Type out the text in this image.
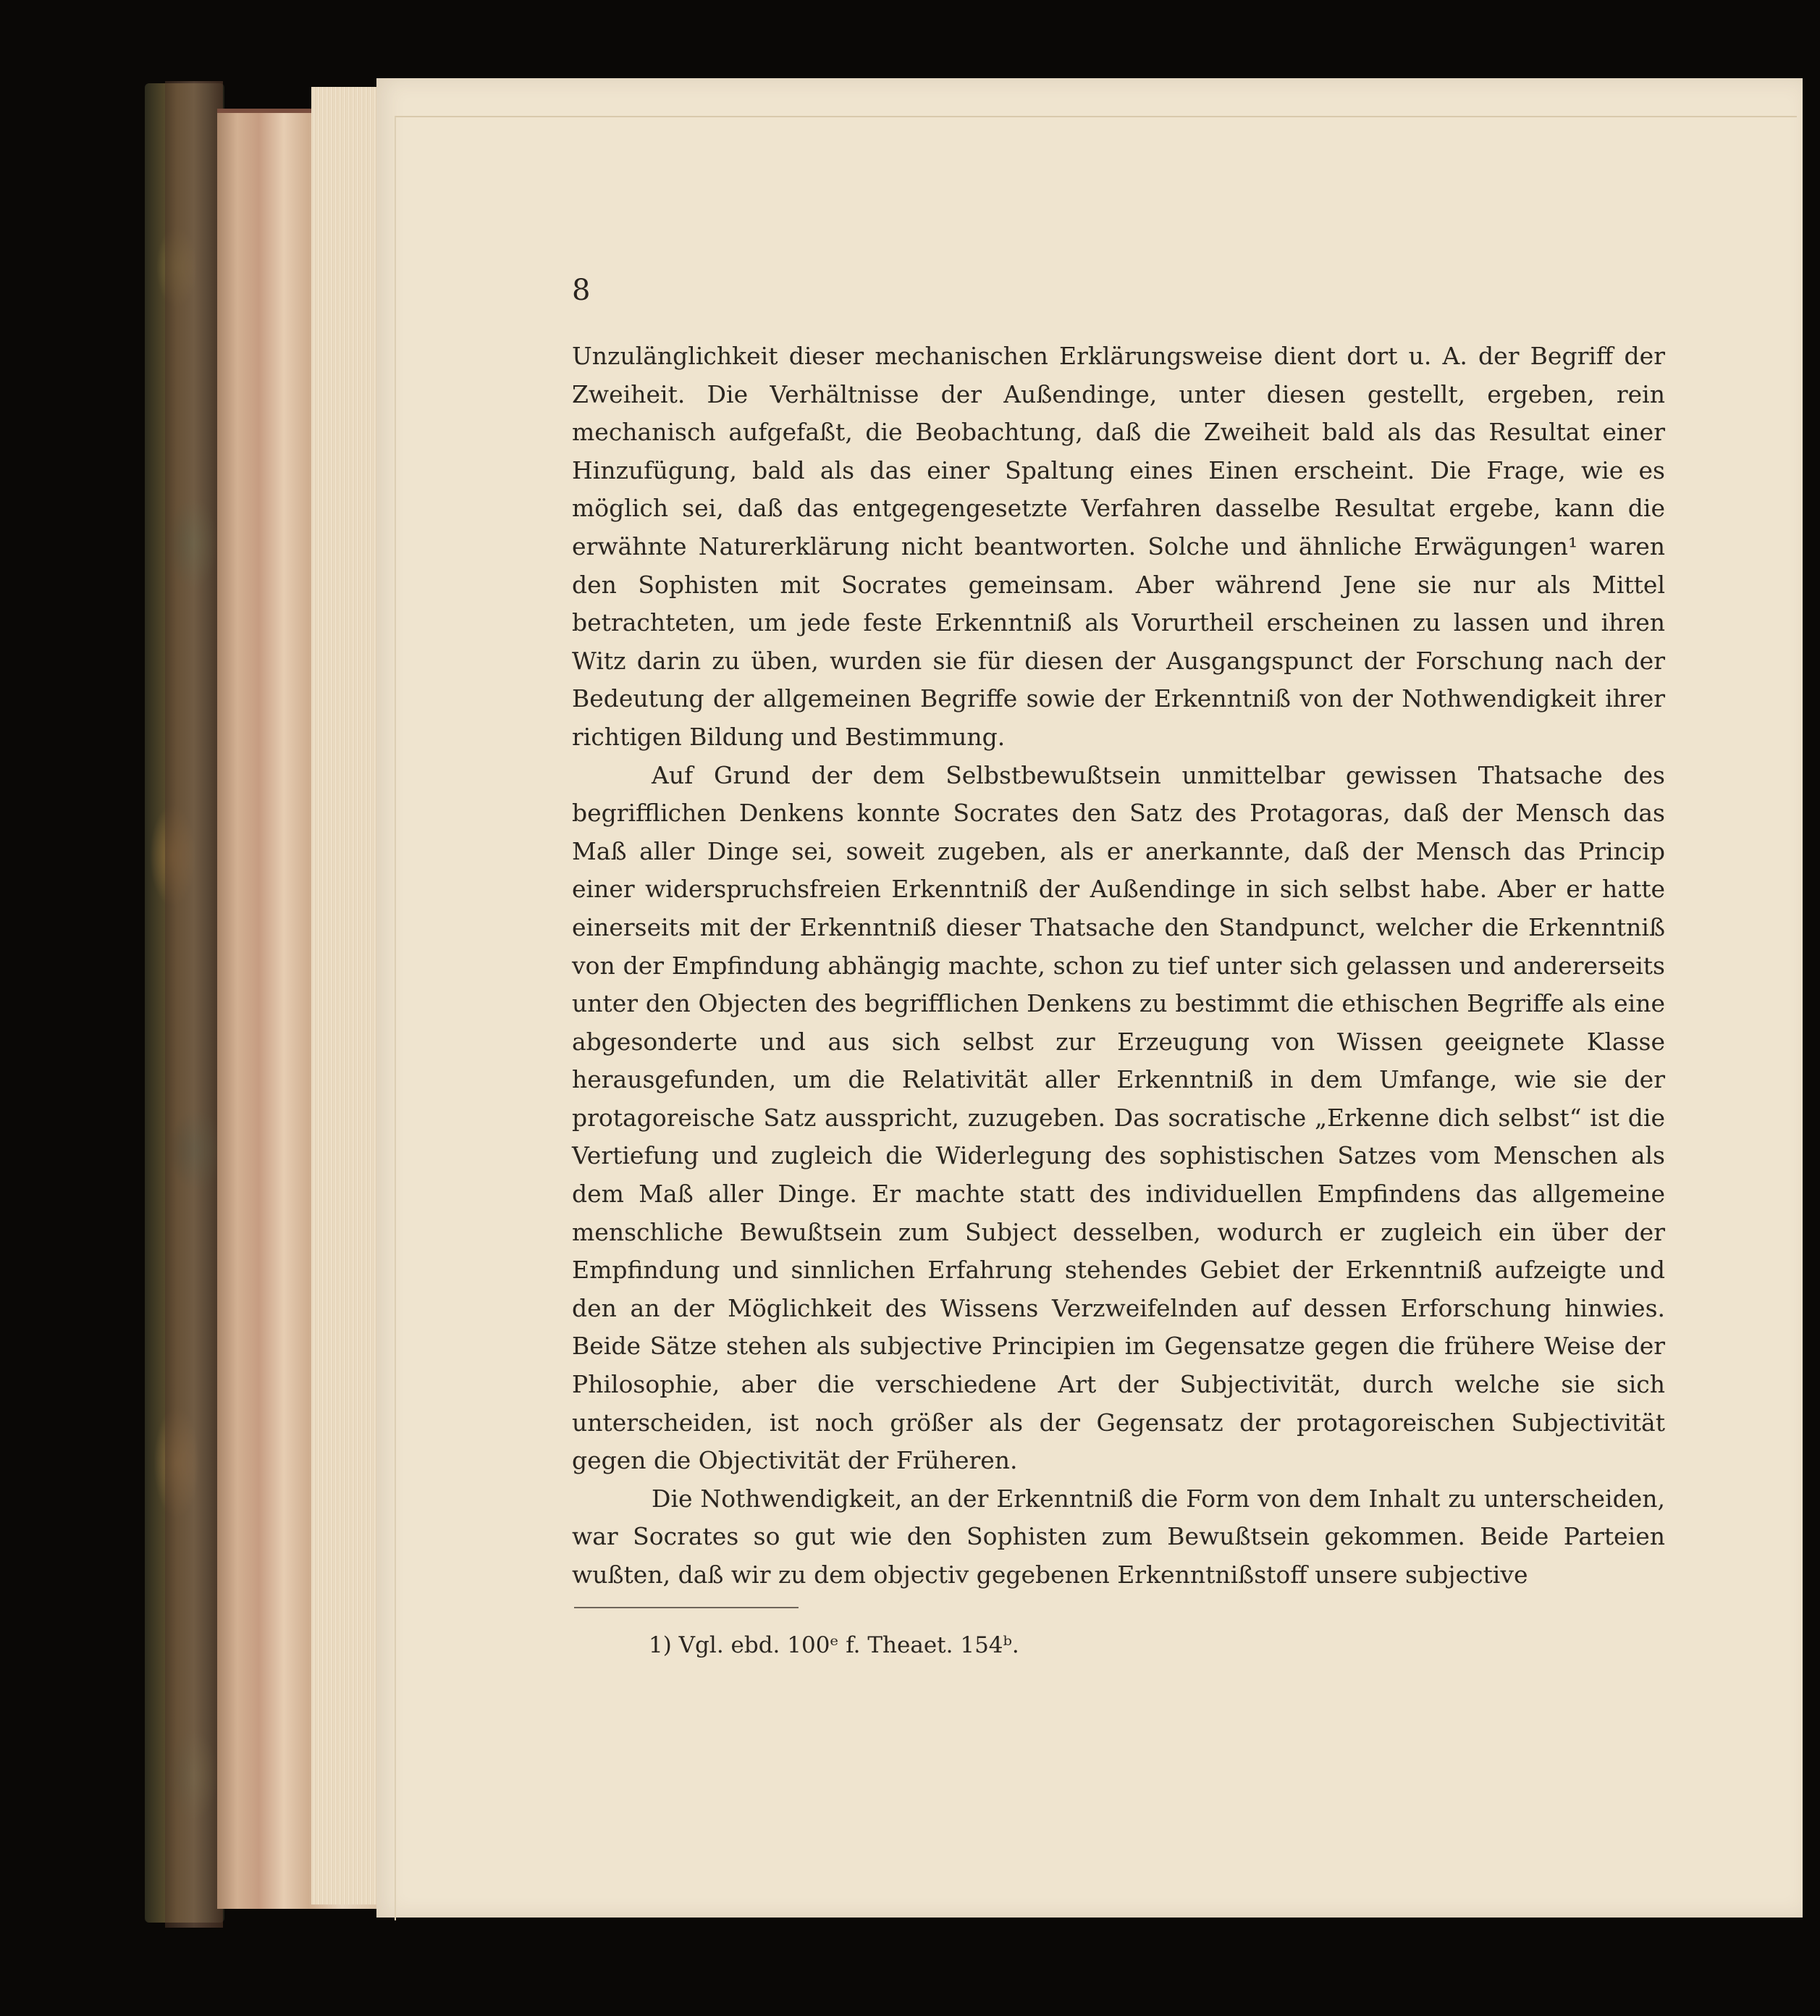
8

Unzulänglichkeit dieser mechanischen Erklärungsweise dient dort u. A. der Begriff der Zweiheit. Die Verhältnisse der Außendinge, unter diesen gestellt, ergeben, rein mechanisch aufgefaßt, die Beobachtung, daß die Zweiheit bald als das Resultat einer Hinzufügung, bald als das einer Spaltung eines Einen erscheint. Die Frage, wie es möglich sei, daß das entgegengesetzte Verfahren dasselbe Resultat ergebe, kann die erwähnte Naturerklärung nicht beantworten. Solche und ähnliche Erwägungen¹ waren den Sophisten mit Socrates gemeinsam. Aber während Jene sie nur als Mittel betrachteten, um jede feste Erkenntniß als Vorurtheil erscheinen zu lassen und ihren Witz darin zu üben, wurden sie für diesen der Ausgangspunct der Forschung nach der Bedeutung der allgemeinen Begriffe sowie der Erkenntniß von der Nothwendigkeit ihrer richtigen Bildung und Bestimmung.

Auf Grund der dem Selbstbewußtsein unmittelbar gewissen Thatsache des begrifflichen Denkens konnte Socrates den Satz des Protagoras, daß der Mensch das Maß aller Dinge sei, soweit zugeben, als er anerkannte, daß der Mensch das Princip einer widerspruchsfreien Erkenntniß der Außendinge in sich selbst habe. Aber er hatte einerseits mit der Erkenntniß dieser Thatsache den Standpunct, welcher die Erkenntniß von der Empfindung abhängig machte, schon zu tief unter sich gelassen und andererseits unter den Objecten des begrifflichen Denkens zu bestimmt die ethischen Begriffe als eine abgesonderte und aus sich selbst zur Erzeugung von Wissen geeignete Klasse herausgefunden, um die Relativität aller Erkenntniß in dem Umfange, wie sie der protagoreische Satz ausspricht, zuzugeben. Das socratische „Erkenne dich selbst“ ist die Vertiefung und zugleich die Widerlegung des sophistischen Satzes vom Menschen als dem Maß aller Dinge. Er machte statt des individuellen Empfindens das allgemeine menschliche Bewußtsein zum Subject desselben, wodurch er zugleich ein über der Empfindung und sinnlichen Erfahrung stehendes Gebiet der Erkenntniß aufzeigte und den an der Möglichkeit des Wissens Verzweifelnden auf dessen Erforschung hinwies. Beide Sätze stehen als subjective Principien im Gegensatze gegen die frühere Weise der Philosophie, aber die verschiedene Art der Subjectivität, durch welche sie sich unterscheiden, ist noch größer als der Gegensatz der protagoreischen Subjectivität gegen die Objectivität der Früheren.

Die Nothwendigkeit, an der Erkenntniß die Form von dem Inhalt zu unterscheiden, war Socrates so gut wie den Sophisten zum Bewußtsein gekommen. Beide Parteien wußten, daß wir zu dem objectiv gegebenen Erkenntnißstoff unsere subjective

1) Vgl. ebd. 100ᵉ f. Theaet. 154ᵇ.
